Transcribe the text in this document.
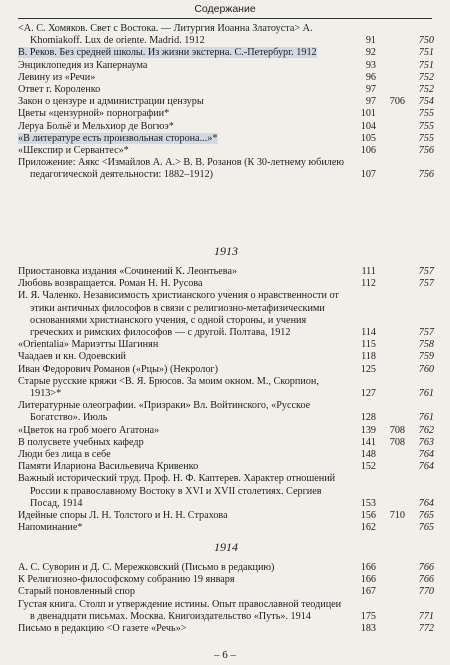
Содержание
<А. С. Хомяков. Свет с Востока. — Литургия Иоанна Златоуста> А. Khomiakoff. Lux de oriente. Madrid. 1912	91	750
В. Реков. Без средней школы. Из жизни экстерна. С.-Петербург. 1912	92	751
Энциклопедия из Капернаума	93	751
Левину из «Речи»	96	752
Ответ г. Короленко	97	752
Закон о цензуре и администрации цензуры	97	706	754
Цветы «цензурной» порнографии*	101	755
Леруа Больё и Мельхиор де Вогюэ*	104	755
«В литературе есть произвольная сторона...»*	105	755
«Шекспир и Сервантес»*	106	756
Приложение: Аякс <Измайлов А. А.> В. В. Розанов (К 30-летнему юбилею педагогической деятельности: 1882–1912)	107	756
1913
Приостановка издания «Сочинений К. Леонтьева»	111	757
Любовь возвращается. Роман Н. Н. Русова	112	757
И. Я. Чаленко. Независимость христианского учения о нравственности от этики античных философов в связи с религиозно-метафизическими основаниями христианского учения, с одной стороны, и учения греческих и римских философов — с другой. Полтава, 1912	114	757
«Orientalia» Мариэтты Шагинян	115	758
Чаадаев и кн. Одоевский	118	759
Иван Федорович Романов («Рцы») (Некролог)	125	760
Старые русские кряжи <В. Я. Брюсов. За моим окном. М., Скорпион, 1913>*	127	761
Литературные олеографии. «Призраки» Вл. Войтинского, «Русское Богатство». Июль	128	761
«Цветок на гроб моего Агатона»	139	708	762
В полусвете учебных кафедр	141	708	763
Люди без лица в себе	148	764
Памяти Илариона Васильевича Кривенко	152	764
Важный исторический труд. Проф. Н. Ф. Каптерев. Характер отношений России к православному Востоку в XVI и XVII столетиях. Сергиев Посад, 1914	153	764
Идейные споры Л. Н. Толстого и Н. Н. Страхова	156	710	765
Напоминание*	162	765
1914
А. С. Суворин и Д. С. Мережковский (Письмо в редакцию)	166	766
К Религиозно-философскому собранию 19 января	166	766
Старый поновленный спор	167	770
Густая книга. Столп и утверждение истины. Опыт православной теодицеи в двенадцати письмах. Москва. Книгоиздательство «Путь». 1914	175	771
Письмо в редакцию <О газете «Речь»>	183	772
– 6 –
